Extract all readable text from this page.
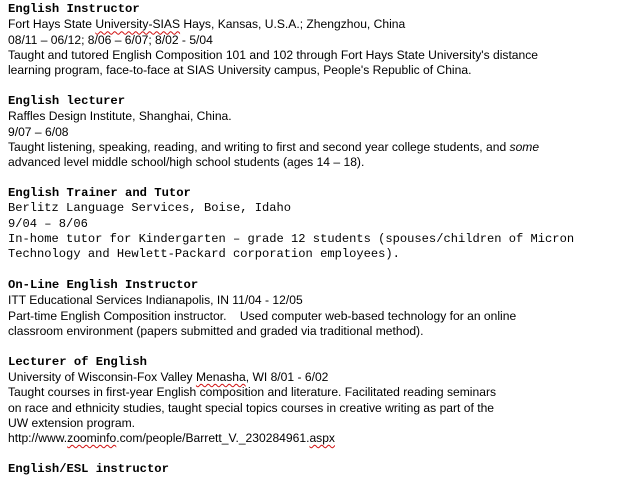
English Instructor
Fort Hays State University-SIAS Hays, Kansas, U.S.A.; Zhengzhou, China
08/11 – 06/12; 8/06 – 6/07; 8/02 - 5/04
Taught and tutored English Composition 101 and 102 through Fort Hays State University's distance
learning program, face-to-face at SIAS University campus, People's Republic of China.
English lecturer
Raffles Design Institute, Shanghai, China.
9/07 – 6/08
Taught listening, speaking, reading, and writing to first and second year college students, and some
advanced level middle school/high school students (ages 14 – 18).
English Trainer and Tutor
Berlitz Language Services, Boise, Idaho
9/04 – 8/06
In-home tutor for Kindergarten – grade 12 students (spouses/children of Micron
Technology and Hewlett-Packard corporation employees).
On-Line English Instructor
ITT Educational Services Indianapolis, IN 11/04 - 12/05
Part-time English Composition instructor.    Used computer web-based technology for an online
classroom environment (papers submitted and graded via traditional method).
Lecturer of English
University of Wisconsin-Fox Valley Menasha, WI 8/01 - 6/02
Taught courses in first-year English composition and literature. Facilitated reading seminars
on race and ethnicity studies, taught special topics courses in creative writing as part of the
UW extension program.
http://www.zoominfo.com/people/Barrett_V._230284961.aspx
English/ESL instructor
